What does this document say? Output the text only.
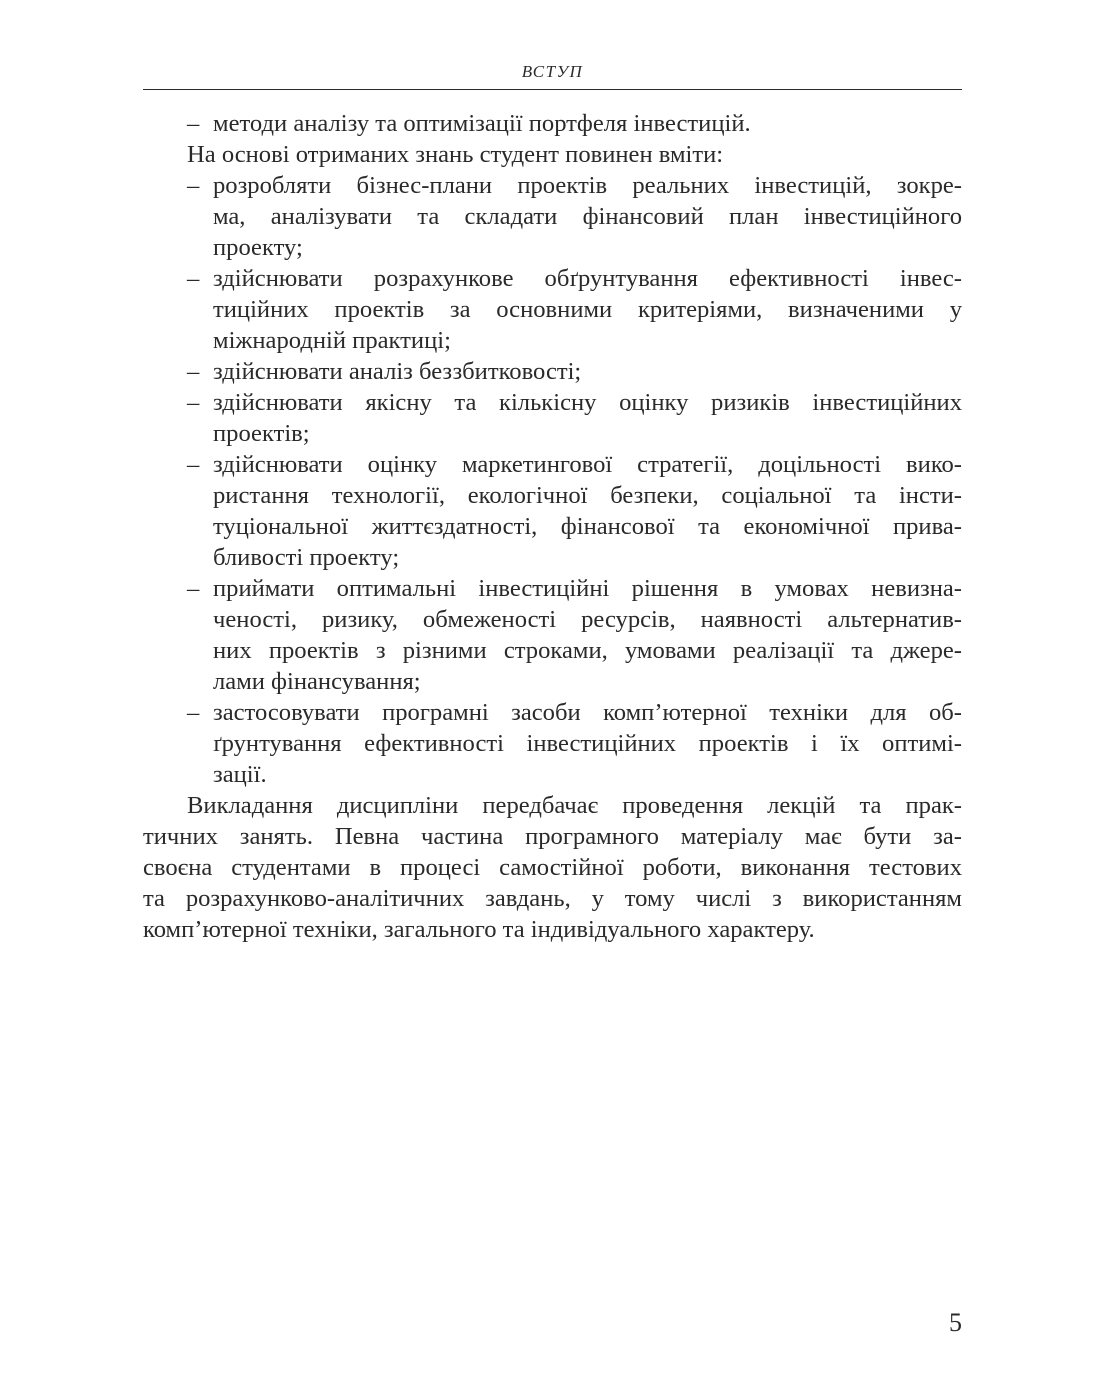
ВСТУП
– методи аналізу та оптимізації портфеля інвестицій.
На основі отриманих знань студент повинен вміти:
– розробляти бізнес-плани проектів реальних інвестицій, зокре-
ма, аналізувати та складати фінансовий план інвестиційного
проекту;
– здійснювати розрахункове обґрунтування ефективності інвес-
тиційних проектів за основними критеріями, визначеними у
міжнародній практиці;
– здійснювати аналіз беззбитковості;
– здійснювати якісну та кількісну оцінку ризиків інвестиційних
проектів;
– здійснювати оцінку маркетингової стратегії, доцільності вико-
ристання технології, екологічної безпеки, соціальної та інсти-
туціональної життєздатності, фінансової та економічної прива-
бливості проекту;
– приймати оптимальні інвестиційні рішення в умовах невизна-
ченості, ризику, обмеженості ресурсів, наявності альтернатив-
них проектів з різними строками, умовами реалізації та джере-
лами фінансування;
– застосовувати програмні засоби комп’ютерної техніки для об-
ґрунтування ефективності інвестиційних проектів і їх оптимі-
зації.
Викладання дисципліни передбачає проведення лекцій та прак-
тичних занять. Певна частина програмного матеріалу має бути за-
своєна студентами в процесі самостійної роботи, виконання тестових
та розрахунково-аналітичних завдань, у тому числі з використанням
комп’ютерної техніки, загального та індивідуального характеру.
5
